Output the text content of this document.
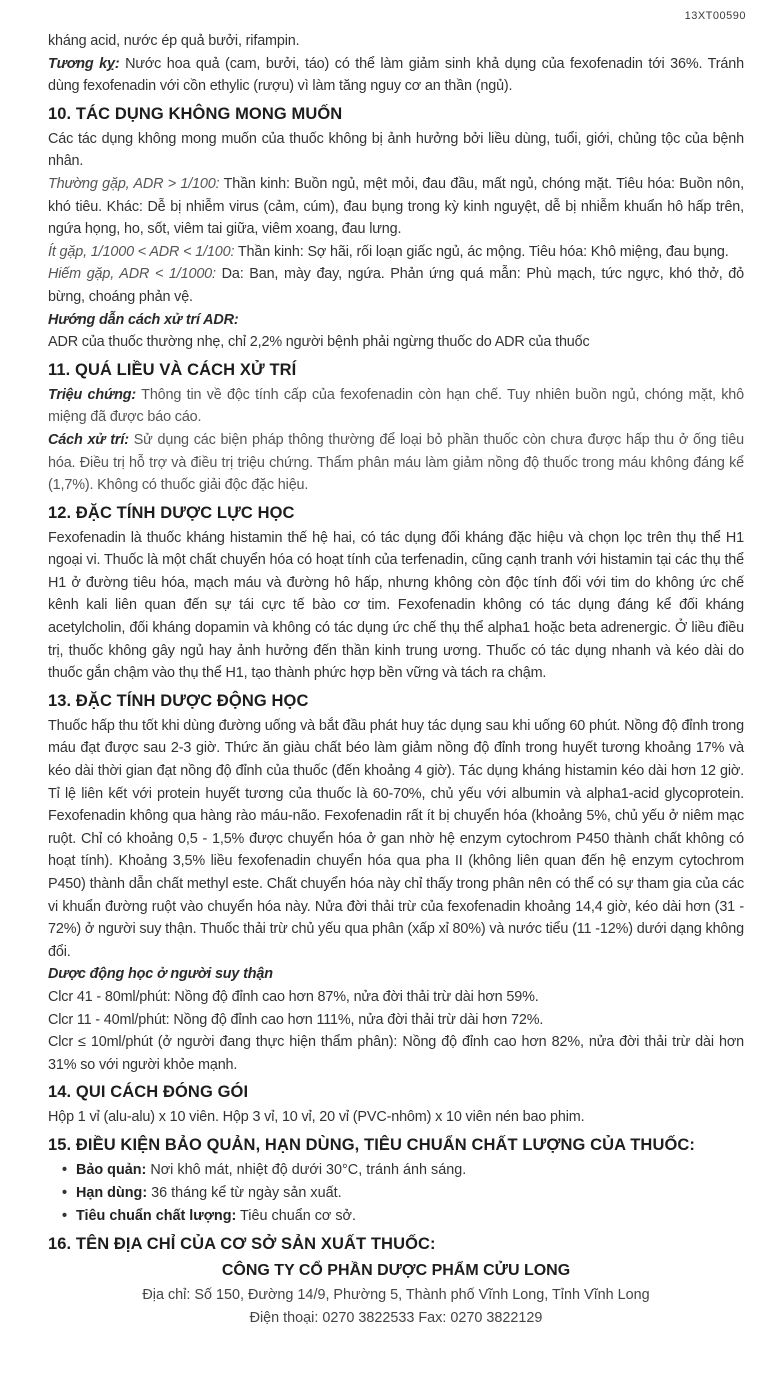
13XT00590

kháng acid, nước ép quả bưởi, rifampin.

Tương kỵ: Nước hoa quả (cam, bưởi, táo) có thể làm giảm sinh khả dụng của fexofenadin tới 36%. Tránh dùng fexofenadin với cồn ethylic (rượu) vì làm tăng nguy cơ an thần (ngủ).

10. TÁC DỤNG KHÔNG MONG MUỐN

Các tác dụng không mong muốn của thuốc không bị ảnh hưởng bởi liều dùng, tuổi, giới, chủng tộc của bệnh nhân.

Thường gặp, ADR > 1/100: Thần kinh: Buồn ngủ, mệt mỏi, đau đầu, mất ngủ, chóng mặt. Tiêu hóa: Buồn nôn, khó tiêu. Khác: Dễ bị nhiễm virus (cảm, cúm), đau bụng trong kỳ kinh nguyệt, dễ bị nhiễm khuẩn hô hấp trên, ngứa họng, ho, sốt, viêm tai giữa, viêm xoang, đau lưng.

Ít gặp, 1/1000 < ADR < 1/100: Thần kinh: Sợ hãi, rối loạn giấc ngủ, ác mộng. Tiêu hóa: Khô miệng, đau bụng.

Hiếm gặp, ADR < 1/1000: Da: Ban, mày đay, ngứa. Phản ứng quá mẫn: Phù mạch, tức ngực, khó thở, đỏ bừng, choáng phản vệ.

Hướng dẫn cách xử trí ADR:

ADR của thuốc thường nhẹ, chỉ 2,2% người bệnh phải ngừng thuốc do ADR của thuốc

11. QUÁ LIỀU VÀ CÁCH XỬ TRÍ

Triệu chứng: Thông tin về độc tính cấp của fexofenadin còn hạn chế. Tuy nhiên buồn ngủ, chóng mặt, khô miệng đã được báo cáo.

Cách xử trí: Sử dụng các biện pháp thông thường để loại bỏ phần thuốc còn chưa được hấp thu ở ống tiêu hóa. Điều trị hỗ trợ và điều trị triệu chứng. Thẩm phân máu làm giảm nồng độ thuốc trong máu không đáng kể (1,7%). Không có thuốc giải độc đặc hiệu.

12. ĐẶC TÍNH DƯỢC LỰC HỌC

Fexofenadin là thuốc kháng histamin thế hệ hai, có tác dụng đối kháng đặc hiệu và chọn lọc trên thụ thể H1 ngoại vi. Thuốc là một chất chuyển hóa có hoạt tính của terfenadin, cũng cạnh tranh với histamin tại các thụ thể H1 ở đường tiêu hóa, mạch máu và đường hô hấp, nhưng không còn độc tính đối với tim do không ức chế kênh kali liên quan đến sự tái cực tế bào cơ tim. Fexofenadin không có tác dụng đáng kể đối kháng acetylcholin, đối kháng dopamin và không có tác dụng ức chế thụ thể alpha1 hoặc beta adrenergic. Ở liều điều trị, thuốc không gây ngủ hay ảnh hưởng đến thần kinh trung ương. Thuốc có tác dụng nhanh và kéo dài do thuốc gắn chậm vào thụ thể H1, tạo thành phức hợp bền vững và tách ra chậm.

13. ĐẶC TÍNH DƯỢC ĐỘNG HỌC

Thuốc hấp thu tốt khi dùng đường uống và bắt đầu phát huy tác dụng sau khi uống 60 phút. Nồng độ đỉnh trong máu đạt được sau 2-3 giờ. Thức ăn giàu chất béo làm giảm nồng độ đỉnh trong huyết tương khoảng 17% và kéo dài thời gian đạt nồng độ đỉnh của thuốc (đến khoảng 4 giờ). Tác dụng kháng histamin kéo dài hơn 12 giờ. Tỉ lệ liên kết với protein huyết tương của thuốc là 60-70%, chủ yếu với albumin và alpha1-acid glycoprotein. Fexofenadin không qua hàng rào máu-não. Fexofenadin rất ít bị chuyển hóa (khoảng 5%, chủ yếu ở niêm mạc ruột. Chỉ có khoảng 0,5 - 1,5% được chuyển hóa ở gan nhờ hệ enzym cytochrom P450 thành chất không có hoạt tính). Khoảng 3,5% liều fexofenadin chuyển hóa qua pha II (không liên quan đến hệ enzym cytochrom P450) thành dẫn chất methyl este. Chất chuyển hóa này chỉ thấy trong phân nên có thể có sự tham gia của các vi khuẩn đường ruột vào chuyển hóa này. Nửa đời thải trừ của fexofenadin khoảng 14,4 giờ, kéo dài hơn (31 - 72%) ở người suy thận. Thuốc thải trừ chủ yếu qua phân (xấp xỉ 80%) và nước tiểu (11 -12%) dưới dạng không đổi.

Dược động học ở người suy thận

Clcr 41 - 80ml/phút: Nồng độ đỉnh cao hơn 87%, nửa đời thải trừ dài hơn 59%.

Clcr 11 - 40ml/phút: Nồng độ đỉnh cao hơn 111%, nửa đời thải trừ dài hơn 72%.

Clcr ≤ 10ml/phút (ở người đang thực hiện thẩm phân): Nồng độ đỉnh cao hơn 82%, nửa đời thải trừ dài hơn 31% so với người khỏe mạnh.

14. QUI CÁCH ĐÓNG GÓI

Hộp 1 vỉ (alu-alu) x 10 viên. Hộp 3 vỉ, 10 vỉ, 20 vỉ (PVC-nhôm) x 10 viên nén bao phim.

15. ĐIỀU KIỆN BẢO QUẢN, HẠN DÙNG, TIÊU CHUẨN CHẤT LƯỢNG CỦA THUỐC:
• Bảo quản: Nơi khô mát, nhiệt độ dưới 30°C, tránh ánh sáng.
• Hạn dùng: 36 tháng kể từ ngày sản xuất.
• Tiêu chuẩn chất lượng: Tiêu chuẩn cơ sở.
16. TÊN ĐỊA CHỈ CỦA CƠ SỞ SẢN XUẤT THUỐC:
CÔNG TY CỔ PHẦN DƯỢC PHẨM CỬU LONG
Địa chỉ: Số 150, Đường 14/9, Phường 5, Thành phố Vĩnh Long, Tỉnh Vĩnh Long
Điện thoại: 0270 3822533 Fax: 0270 3822129
